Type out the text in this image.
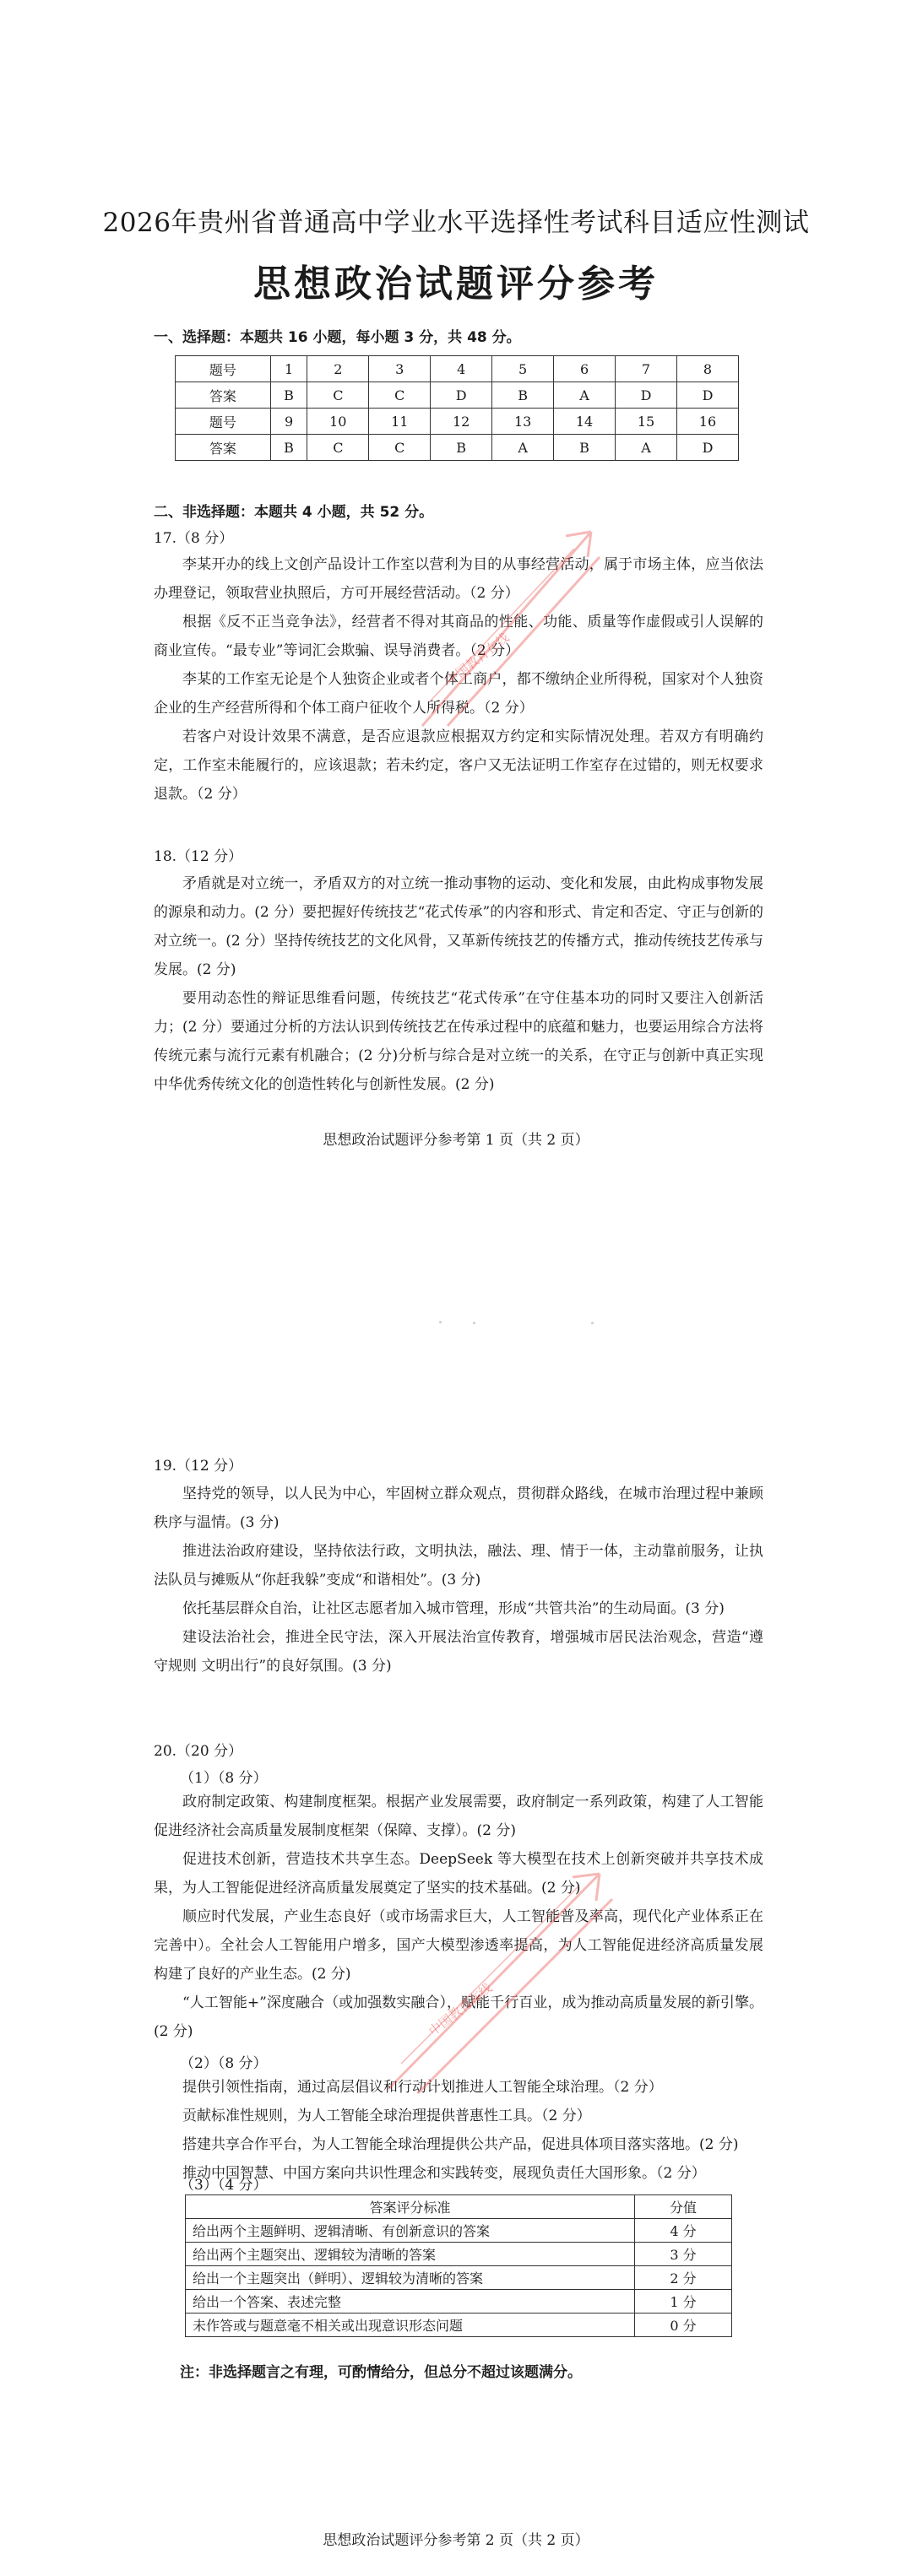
2026年贵州省普通高中学业水平选择性考试科目适应性测试
思想政治试题评分参考
一、选择题：本题共 16 小题，每小题 3 分，共 48 分。
题号	1	2	3	4	5	6	7	8
答案	B	C	C	D	B	A	D	D
题号	9	10	11	12	13	14	15	16
答案	B	C	C	B	A	B	A	D
二、非选择题：本题共 4 小题，共 52 分。
17.（8 分）

李某开办的线上文创产品设计工作室以营利为目的从事经营活动，属于市场主体，应当依法办理登记，领取营业执照后，方可开展经营活动。（2 分）

根据《反不正当竞争法》，经营者不得对其商品的性能、功能、质量等作虚假或引人误解的商业宣传。“最专业”等词汇会欺骗、误导消费者。（2 分）

李某的工作室无论是个人独资企业或者个体工商户，都不缴纳企业所得税，国家对个人独资企业的生产经营所得和个体工商户征收个人所得税。（2 分）

若客户对设计效果不满意，是否应退款应根据双方约定和实际情况处理。若双方有明确约定，工作室未能履行的，应该退款；若未约定，客户又无法证明工作室存在过错的，则无权要求退款。（2 分）

18.（12 分）

矛盾就是对立统一，矛盾双方的对立统一推动事物的运动、变化和发展，由此构成事物发展的源泉和动力。(2 分）要把握好传统技艺“花式传承”的内容和形式、肯定和否定、守正与创新的对立统一。(2 分）坚持传统技艺的文化风骨，又革新传统技艺的传播方式，推动传统技艺传承与发展。(2 分)

要用动态性的辩证思维看问题，传统技艺“花式传承”在守住基本功的同时又要注入创新活力；(2 分）要通过分析的方法认识到传统技艺在传承过程中的底蕴和魅力，也要运用综合方法将传统元素与流行元素有机融合；(2 分)分析与综合是对立统一的关系，在守正与创新中真正实现中华优秀传统文化的创造性转化与创新性发展。(2 分)

思想政治试题评分参考第 1 页（共 2 页）
中国教育在线
19.（12 分）

坚持党的领导，以人民为中心，牢固树立群众观点，贯彻群众路线，在城市治理过程中兼顾秩序与温情。(3 分)

推进法治政府建设，坚持依法行政，文明执法，融法、理、情于一体，主动靠前服务，让执法队员与摊贩从“你赶我躲”变成“和谐相处”。(3 分)

依托基层群众自治，让社区志愿者加入城市管理，形成“共管共治”的生动局面。(3 分)

建设法治社会，推进全民守法，深入开展法治宣传教育，增强城市居民法治观念，营造“遵守规则 文明出行”的良好氛围。(3 分)

20.（20 分）
（1）（8 分）

政府制定政策、构建制度框架。根据产业发展需要，政府制定一系列政策，构建了人工智能促进经济社会高质量发展制度框架（保障、支撑）。(2 分)

促进技术创新，营造技术共享生态。DeepSeek 等大模型在技术上创新突破并共享技术成果，为人工智能促进经济高质量发展奠定了坚实的技术基础。(2 分)

顺应时代发展，产业生态良好（或市场需求巨大，人工智能普及率高，现代化产业体系正在完善中）。全社会人工智能用户增多，国产大模型渗透率提高，为人工智能促进经济高质量发展构建了良好的产业生态。(2 分)

“人工智能+”深度融合（或加强数实融合），赋能千行百业，成为推动高质量发展的新引擎。(2 分)

（2）（8 分）

提供引领性指南，通过高层倡议和行动计划推进人工智能全球治理。（2 分）

贡献标准性规则，为人工智能全球治理提供普惠性工具。（2 分）

搭建共享合作平台，为人工智能全球治理提供公共产品，促进具体项目落实落地。(2 分)

推动中国智慧、中国方案向共识性理念和实践转变，展现负责任大国形象。（2 分）

（3）（4 分）
答案评分标准	分值
给出两个主题鲜明、逻辑清晰、有创新意识的答案	4 分
给出两个主题突出、逻辑较为清晰的答案	3 分
给出一个主题突出（鲜明）、逻辑较为清晰的答案	2 分
给出一个答案、表述完整	1 分
未作答或与题意毫不相关或出现意识形态问题	0 分
注：非选择题言之有理，可酌情给分，但总分不超过该题满分。
思想政治试题评分参考第 2 页（共 2 页）
中国教育在线
